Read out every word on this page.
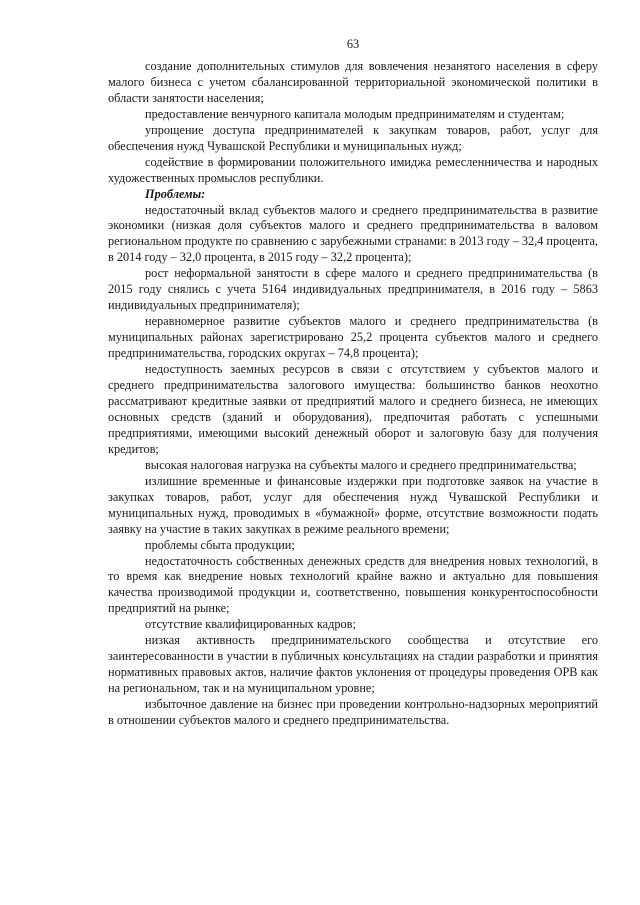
63
создание дополнительных стимулов для вовлечения незанятого населения в сферу малого бизнеса с учетом сбалансированной территориальной экономической политики в области занятости населения;
предоставление венчурного капитала молодым предпринимателям и студентам;
упрощение доступа предпринимателей к закупкам товаров, работ, услуг для обеспечения нужд Чувашской Республики и муниципальных нужд;
содействие в формировании положительного имиджа ремесленничества и народных художественных промыслов республики.
Проблемы:
недостаточный вклад субъектов малого и среднего предпринимательства в развитие экономики (низкая доля субъектов малого и среднего предпринимательства в валовом региональном продукте по сравнению с зарубежными странами: в 2013 году – 32,4 процента, в 2014 году – 32,0 процента, в 2015 году – 32,2 процента);
рост неформальной занятости в сфере малого и среднего предпринимательства (в 2015 году снялись с учета 5164 индивидуальных предпринимателя, в 2016 году – 5863 индивидуальных предпринимателя);
неравномерное развитие субъектов малого и среднего предпринимательства (в муниципальных районах зарегистрировано 25,2 процента субъектов малого и среднего предпринимательства, городских округах – 74,8 процента);
недоступность заемных ресурсов в связи с отсутствием у субъектов малого и среднего предпринимательства залогового имущества: большинство банков неохотно рассматривают кредитные заявки от предприятий малого и среднего бизнеса, не имеющих основных средств (зданий и оборудования), предпочитая работать с успешными предприятиями, имеющими высокий денежный оборот и залоговую базу для получения кредитов;
высокая налоговая нагрузка на субъекты малого и среднего предпринимательства;
излишние временные и финансовые издержки при подготовке заявок на участие в закупках товаров, работ, услуг для обеспечения нужд Чувашской Республики и муниципальных нужд, проводимых в «бумажной» форме, отсутствие возможности подать заявку на участие в таких закупках в режиме реального времени;
проблемы сбыта продукции;
недостаточность собственных денежных средств для внедрения новых технологий, в то время как внедрение новых технологий крайне важно и актуально для повышения качества производимой продукции и, соответственно, повышения конкурентоспособности предприятий на рынке;
отсутствие квалифицированных кадров;
низкая активность предпринимательского сообщества и отсутствие его заинтересованности в участии в публичных консультациях на стадии разработки и принятия нормативных правовых актов, наличие фактов уклонения от процедуры проведения ОРВ как на региональном, так и на муниципальном уровне;
избыточное давление на бизнес при проведении контрольно-надзорных мероприятий в отношении субъектов малого и среднего предпринимательства.
